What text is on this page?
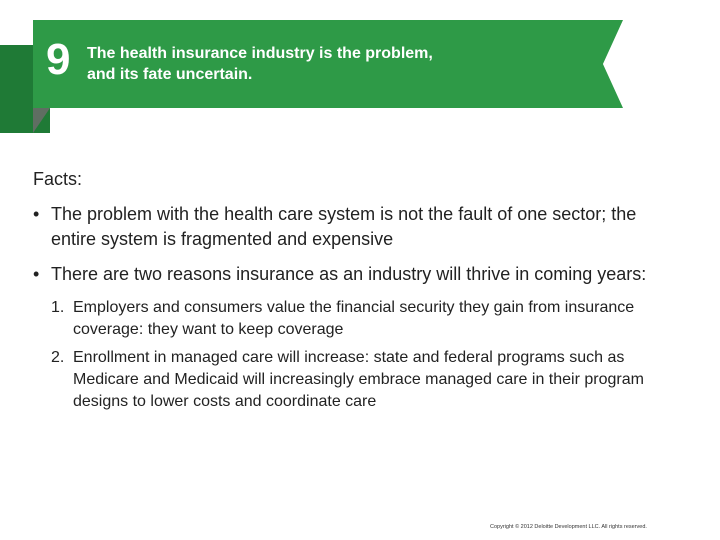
9 The health insurance industry is the problem,
and its fate uncertain.
Facts:
• The problem with the health care system is not the fault of one sector; the entire system is fragmented and expensive
• There are two reasons insurance as an industry will thrive in coming years:
1. Employers and consumers value the financial security they gain from insurance coverage: they want to keep coverage
2. Enrollment in managed care will increase: state and federal programs such as Medicare and Medicaid will increasingly embrace managed care in their program designs to lower costs and coordinate care
Copyright © 2012 Deloitte Development LLC. All rights reserved.
